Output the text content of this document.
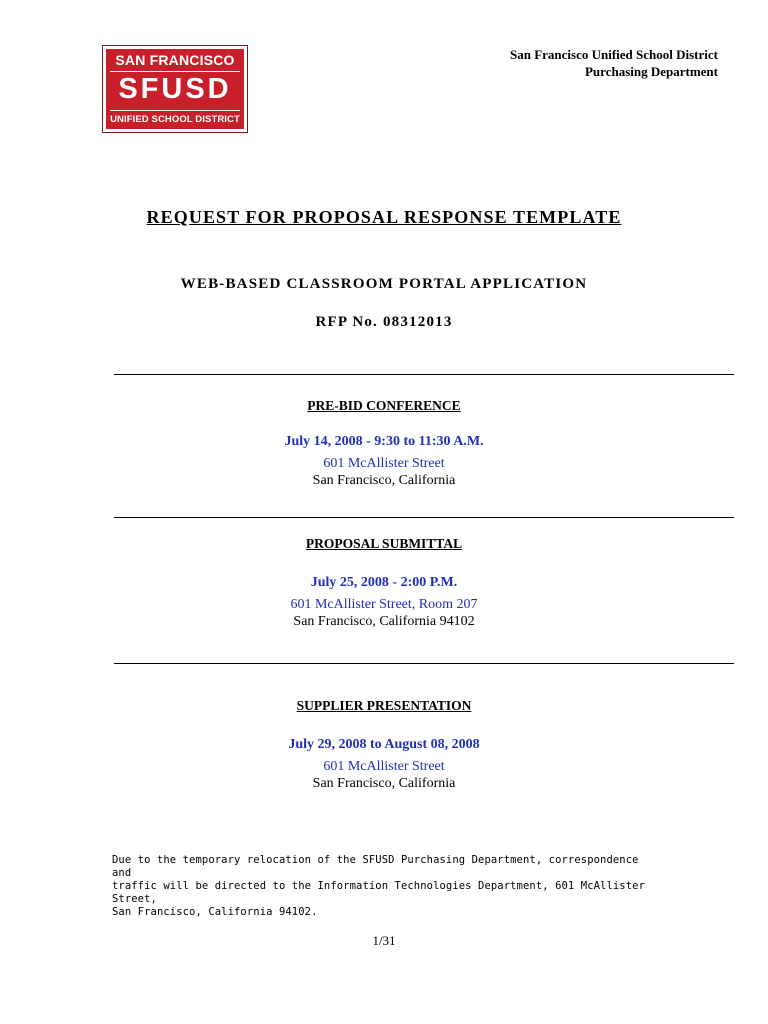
SAN FRANCISCO
SFUSD
UNIFIED SCHOOL DISTRICT
San Francisco Unified School District
Purchasing Department
REQUEST FOR PROPOSAL RESPONSE TEMPLATE
WEB-BASED CLASSROOM PORTAL APPLICATION
RFP No. 08312013
PRE-BID CONFERENCE
July 14, 2008 - 9:30 to 11:30 A.M.
601 McAllister Street
San Francisco, California
PROPOSAL SUBMITTAL
July 25, 2008 - 2:00 P.M.
601 McAllister Street, Room 207
San Francisco, California 94102
SUPPLIER PRESENTATION
July 29, 2008 to August 08, 2008
601 McAllister Street
San Francisco, California
Due to the temporary relocation of the SFUSD Purchasing Department, correspondence and
traffic will be directed to the Information Technologies Department, 601 McAllister Street,
San Francisco, California 94102.
1/31
